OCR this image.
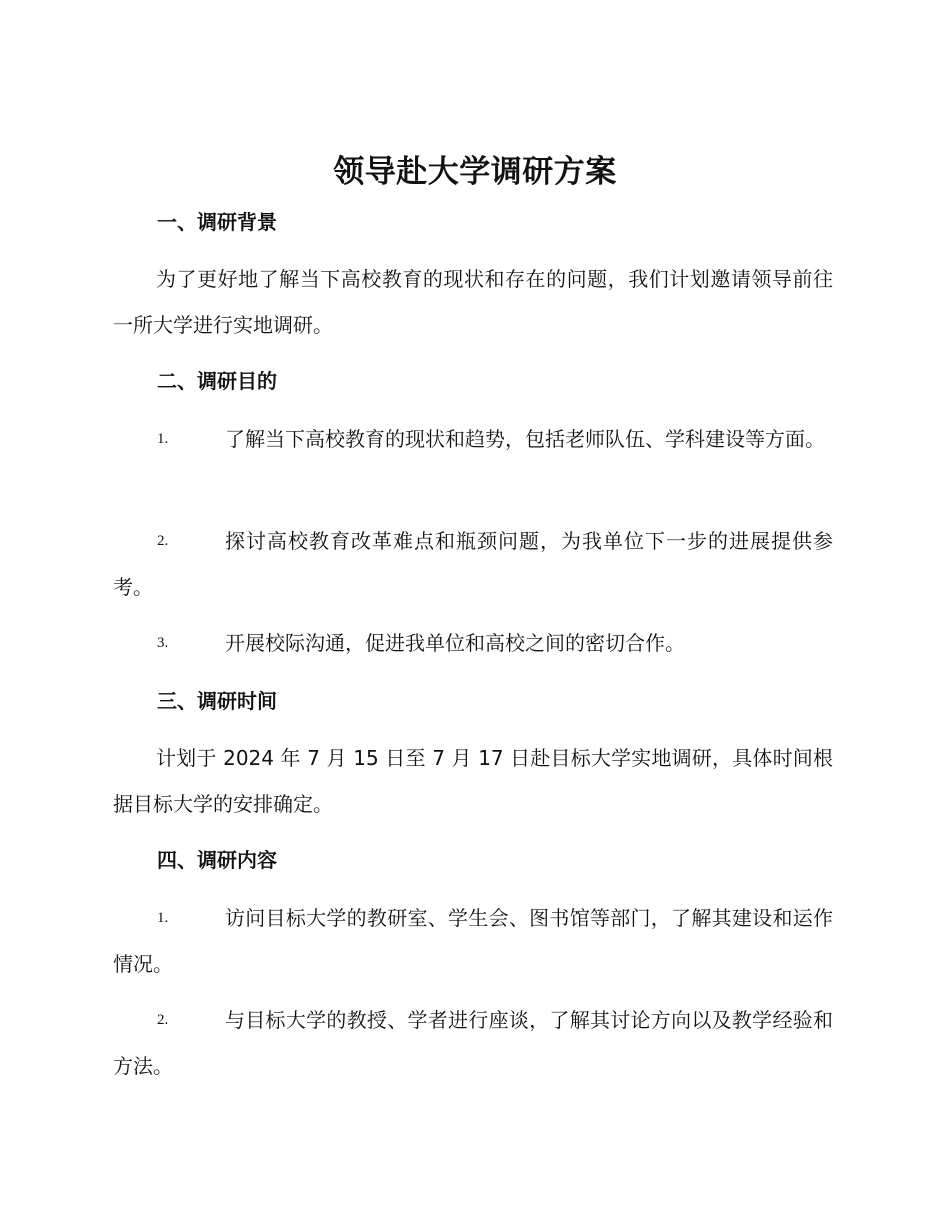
领导赴大学调研方案
一、调研背景
为了更好地了解当下高校教育的现状和存在的问题，我们计划邀请领导前往一所大学进行实地调研。
二、调研目的
1.	了解当下高校教育的现状和趋势，包括老师队伍、学科建设等方面。
2.	探讨高校教育改革难点和瓶颈问题，为我单位下一步的进展提供参考。
3.	开展校际沟通，促进我单位和高校之间的密切合作。
三、调研时间
计划于 2024 年 7 月 15 日至 7 月 17 日赴目标大学实地调研，具体时间根据目标大学的安排确定。
四、调研内容
1.	访问目标大学的教研室、学生会、图书馆等部门，了解其建设和运作情况。
2.	与目标大学的教授、学者进行座谈，了解其讨论方向以及教学经验和方法。
